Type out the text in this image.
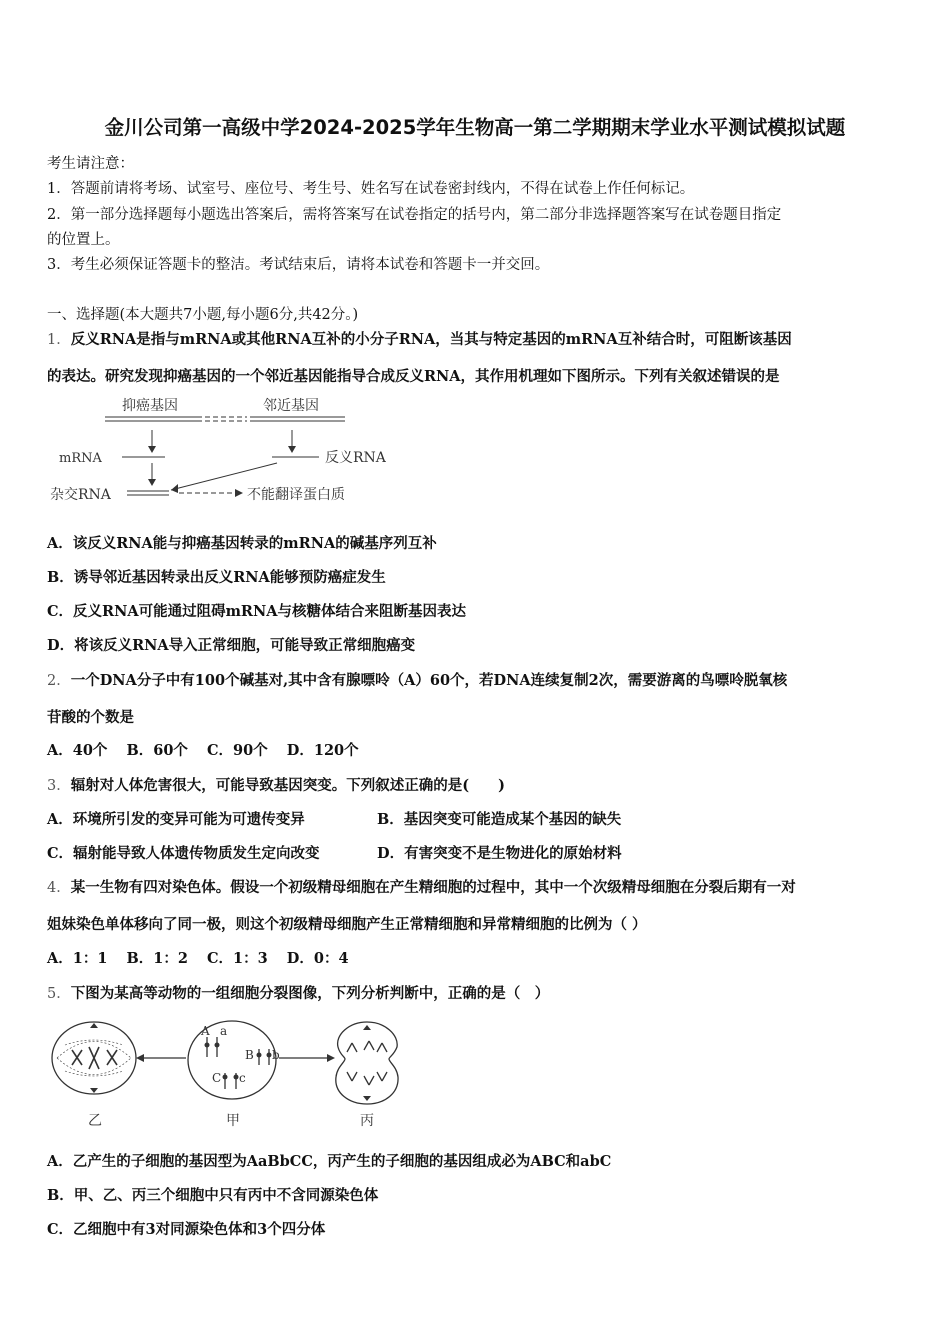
金川公司第一高级中学2024-2025学年生物高一第二学期期末学业水平测试模拟试题
考生请注意：
1．答题前请将考场、试室号、座位号、考生号、姓名写在试卷密封线内，不得在试卷上作任何标记。
2．第一部分选择题每小题选出答案后，需将答案写在试卷指定的括号内，第二部分非选择题答案写在试卷题目指定
的位置上。
3．考生必须保证答题卡的整洁。考试结束后，请将本试卷和答题卡一并交回。
一、选择题(本大题共7小题,每小题6分,共42分。)
1．反义RNA是指与mRNA或其他RNA互补的小分子RNA，当其与特定基因的mRNA互补结合时，可阻断该基因
的表达。研究发现抑癌基因的一个邻近基因能指导合成反义RNA，其作用机理如下图所示。下列有关叙述错误的是
抑癌基因	邻近基因
mRNA	反义RNA
杂交RNA	不能翻译蛋白质
A．该反义RNA能与抑癌基因转录的mRNA的碱基序列互补
B．诱导邻近基因转录出反义RNA能够预防癌症发生
C．反义RNA可能通过阻碍mRNA与核糖体结合来阻断基因表达
D．将该反义RNA导入正常细胞，可能导致正常细胞癌变
2．一个DNA分子中有100个碱基对,其中含有腺嘌呤（A）60个，若DNA连续复制2次，需要游离的鸟嘌呤脱氧核
苷酸的个数是
A．40个 B．60个 C．90个 D．120个
3．辐射对人体危害很大，可能导致基因突变。下列叙述正确的是(　　)
A．环境所引发的变异可能为可遗传变异	B．基因突变可能造成某个基因的缺失
C．辐射能导致人体遗传物质发生定向改变	D．有害突变不是生物进化的原始材料
4．某一生物有四对染色体。假设一个初级精母细胞在产生精细胞的过程中，其中一个次级精母细胞在分裂后期有一对
姐妹染色单体移向了同一极，则这个初级精母细胞产生正常精细胞和异常精细胞的比例为（ ）
A．1：1 B．1：2 C．1：3 D．0：4
5．下图为某高等动物的一组细胞分裂图像，下列分析判断中，正确的是（　）
A a
B b
C c
乙	甲	丙
A．乙产生的子细胞的基因型为AaBbCC，丙产生的子细胞的基因组成必为ABC和abC
B．甲、乙、丙三个细胞中只有丙中不含同源染色体
C．乙细胞中有3对同源染色体和3个四分体
